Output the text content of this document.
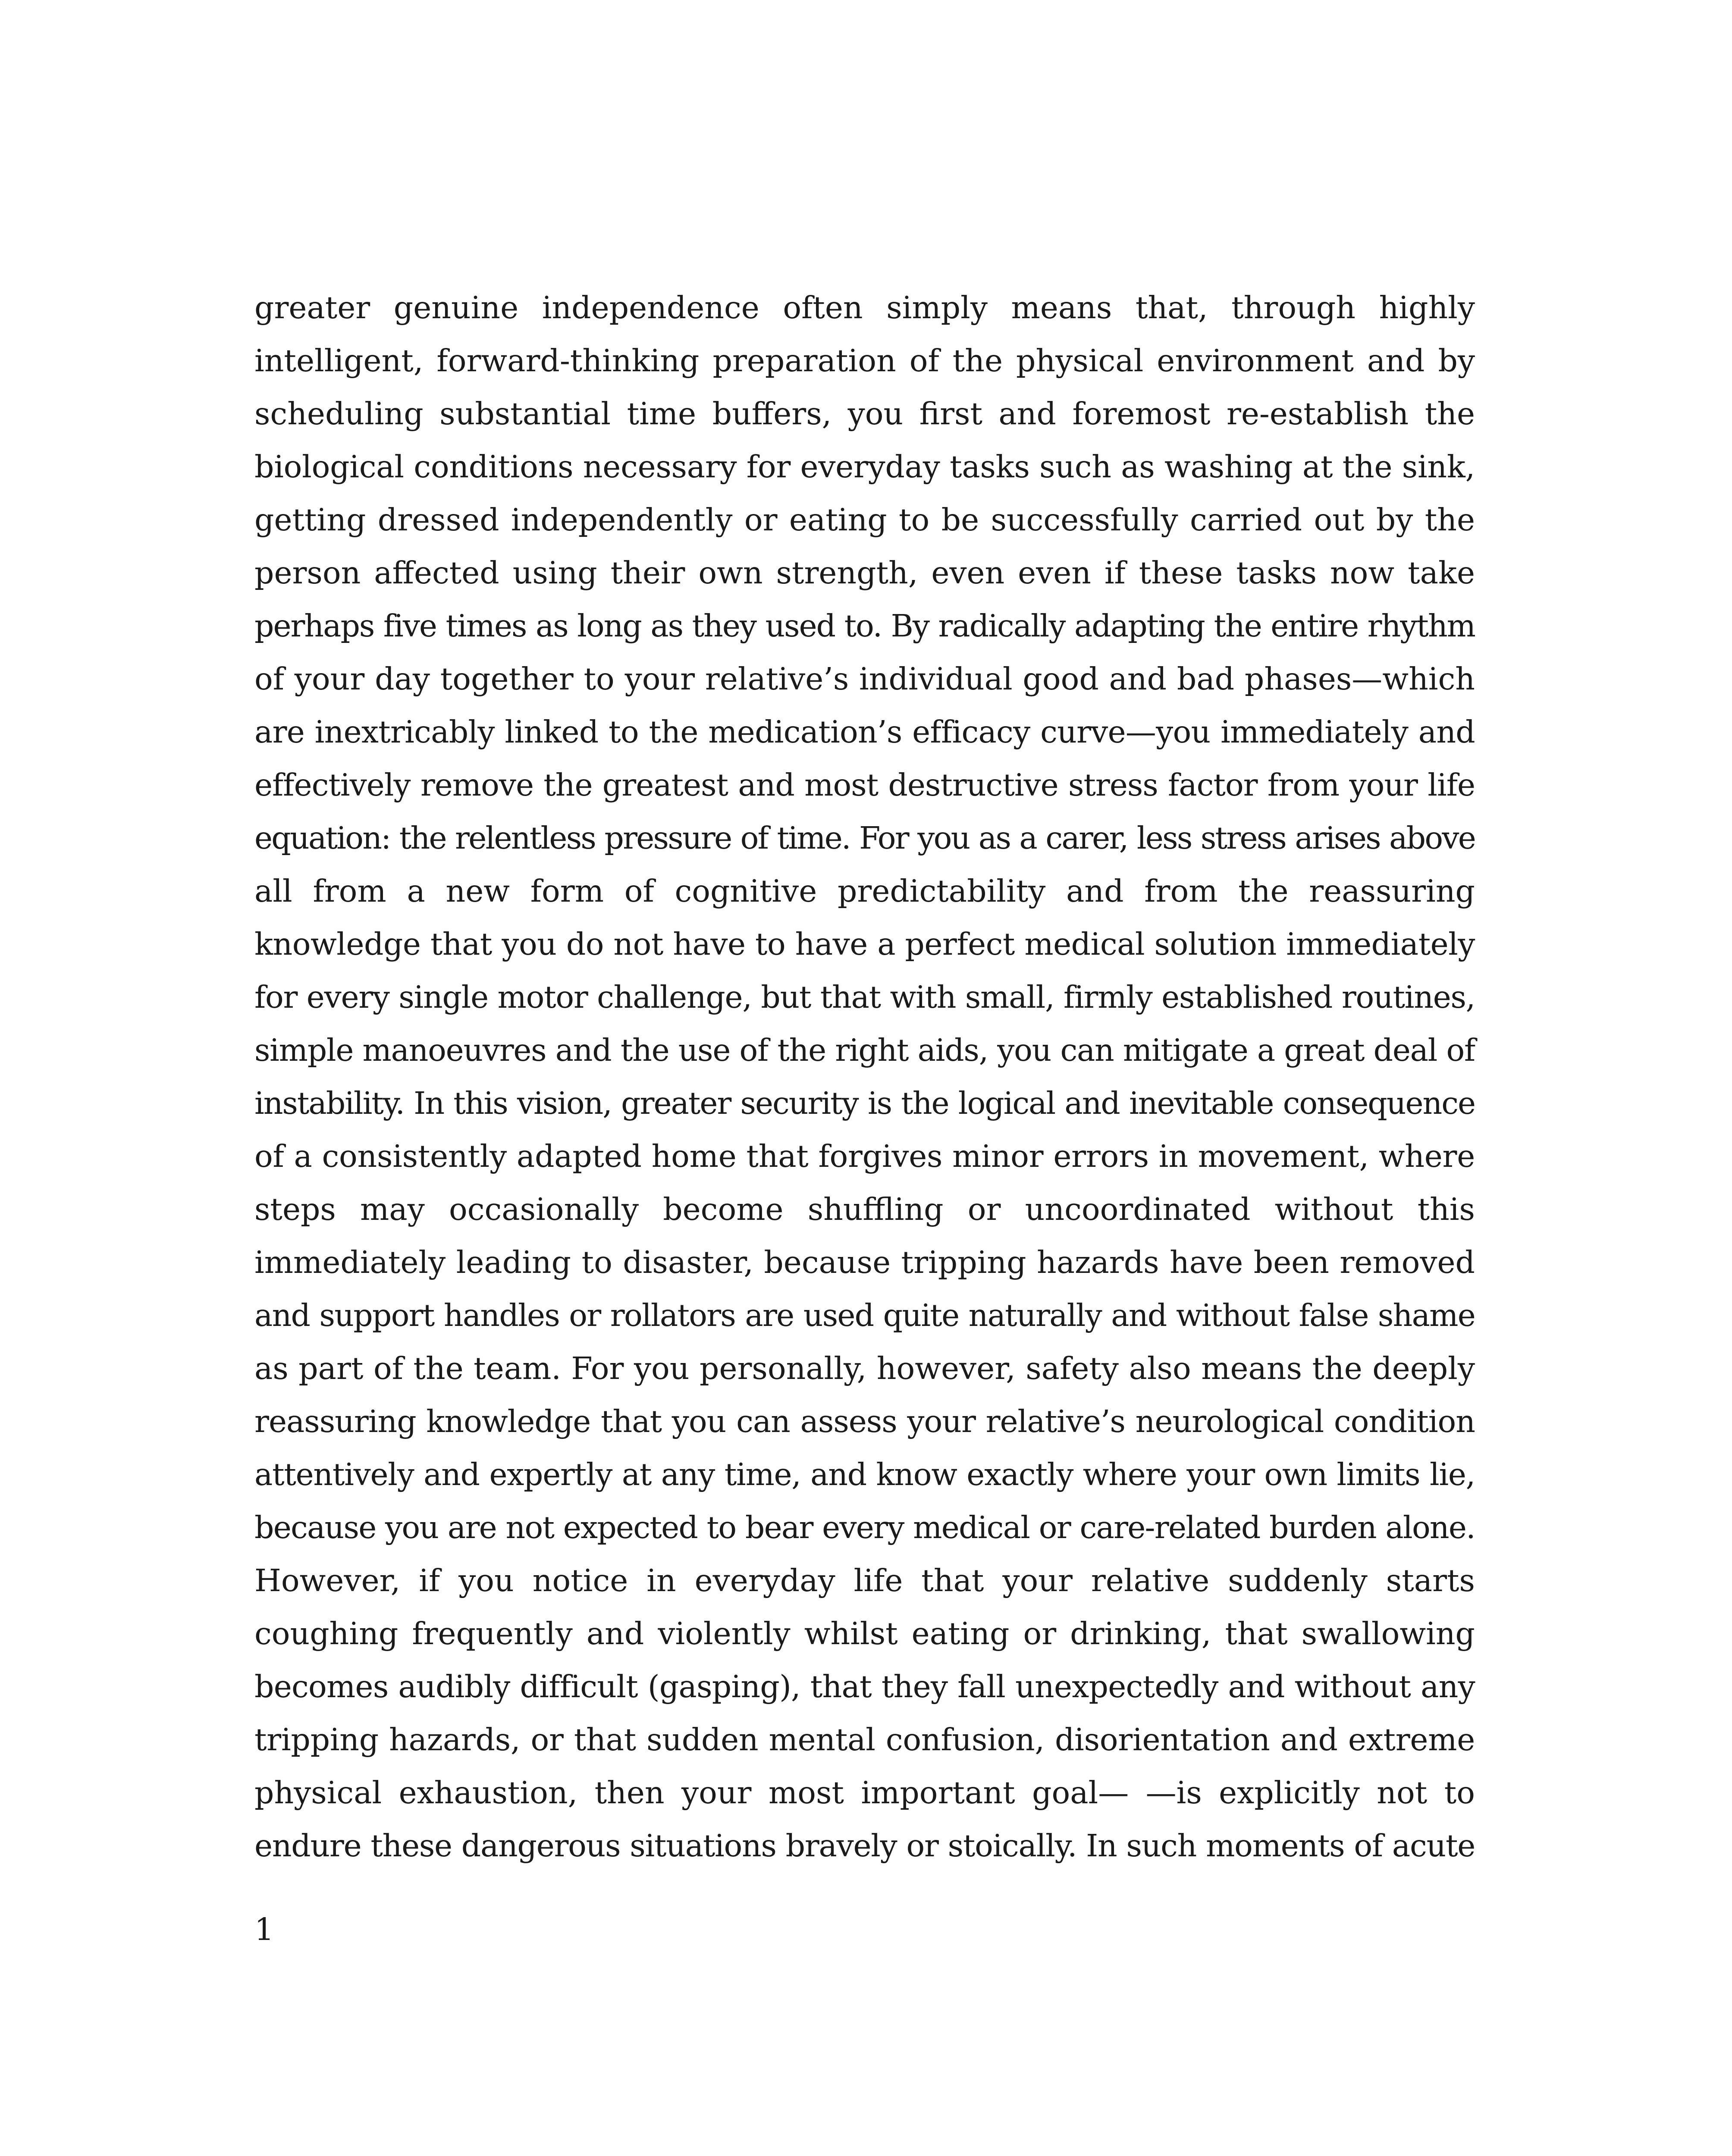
greater genuine independence often simply means that, through highly
intelligent, forward-thinking preparation of the physical environment and by
scheduling substantial time buffers, you first and foremost re-establish the
biological conditions necessary for everyday tasks such as washing at the sink,
getting dressed independently or eating to be successfully carried out by the
person affected using their own strength, even even if these tasks now take
perhaps five times as long as they used to. By radically adapting the entire rhythm
of your day together to your relative’s individual good and bad phases—which
are inextricably linked to the medication’s efficacy curve—you immediately and
effectively remove the greatest and most destructive stress factor from your life
equation: the relentless pressure of time. For you as a carer, less stress arises above
all from a new form of cognitive predictability and from the reassuring
knowledge that you do not have to have a perfect medical solution immediately
for every single motor challenge, but that with small, firmly established routines,
simple manoeuvres and the use of the right aids, you can mitigate a great deal of
instability. In this vision, greater security is the logical and inevitable consequence
of a consistently adapted home that forgives minor errors in movement, where
steps may occasionally become shuffling or uncoordinated without this
immediately leading to disaster, because tripping hazards have been removed
and support handles or rollators are used quite naturally and without false shame
as part of the team. For you personally, however, safety also means the deeply
reassuring knowledge that you can assess your relative’s neurological condition
attentively and expertly at any time, and know exactly where your own limits lie,
because you are not expected to bear every medical or care-related burden alone.
However, if you notice in everyday life that your relative suddenly starts
coughing frequently and violently whilst eating or drinking, that swallowing
becomes audibly difficult (gasping), that they fall unexpectedly and without any
tripping hazards, or that sudden mental confusion, disorientation and extreme
physical exhaustion, then your most important goal— —is explicitly not to
endure these dangerous situations bravely or stoically. In such moments of acute
1
